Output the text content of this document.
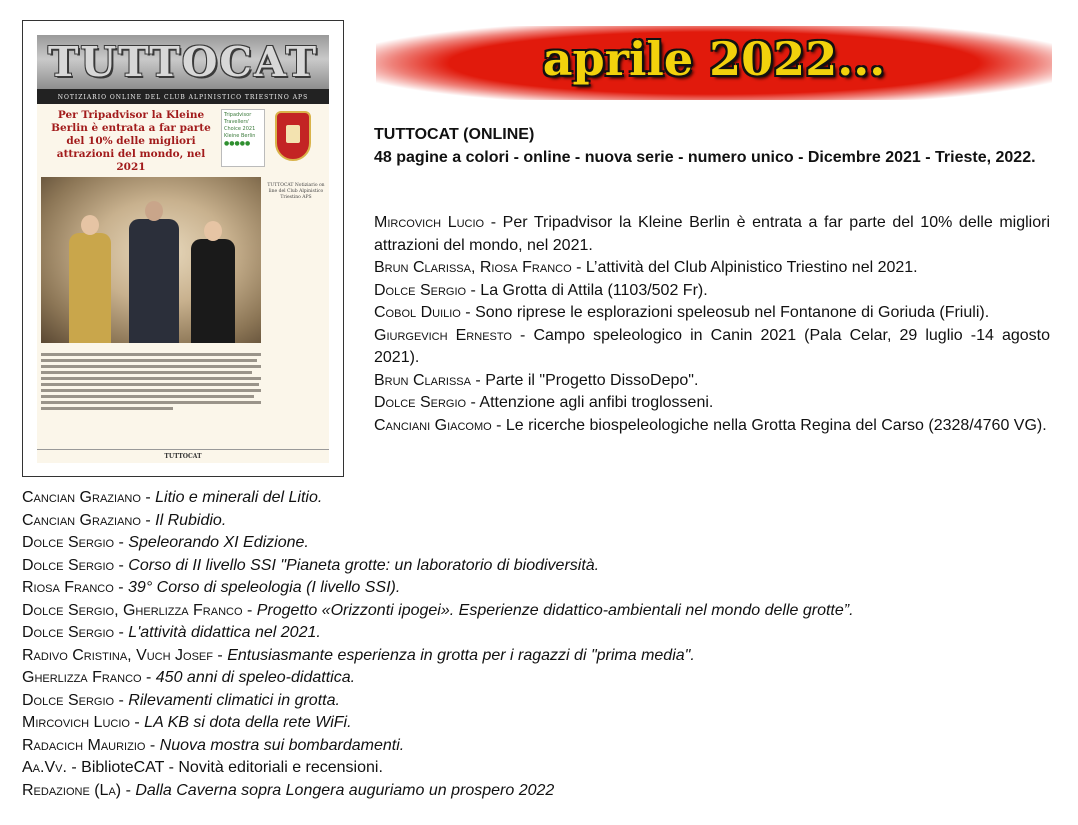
TUTTOCAT
NOTIZIARIO ONLINE DEL CLUB ALPINISTICO TRIESTINO APS
Per Tripadvisor la Kleine Berlin è entrata a far parte del 10% delle migliori attrazioni del mondo, nel 2021
Tripadvisor Travellers' Choice 2021 Kleine Berlin
●●●●●
TUTTOCAT Notiziario on line del Club Alpinistico Triestino APS
TUTTOCAT
aprile 2022...
TUTTOCAT (ONLINE)
48 pagine a colori - online - nuova serie - numero unico - Dicembre 2021 - Trieste, 2022.
Mircovich Lucio - Per Tripadvisor la Kleine Berlin è entrata a far parte del 10% delle migliori attrazioni del mondo, nel 2021.
Brun Clarissa, Riosa Franco - L’attività del Club Alpinistico Triestino nel 2021.
Dolce Sergio - La Grotta di Attila (1103/502 Fr).
Cobol Duilio - Sono riprese le esplorazioni speleosub nel Fontanone di Goriuda (Friuli).
Giurgevich Ernesto - Campo speleologico in Canin 2021 (Pala Celar, 29 luglio -14 agosto 2021).
Brun Clarissa - Parte il "Progetto DissoDepo".
Dolce Sergio - Attenzione agli anfibi troglosseni.
Canciani Giacomo - Le ricerche biospeleologiche nella Grotta Regina del Carso (2328/4760 VG).
Cancian Graziano - Litio e minerali del Litio.
Cancian Graziano - Il Rubidio.
Dolce Sergio - Speleorando XI Edizione.
Dolce Sergio - Corso di II livello SSI "Pianeta grotte: un laboratorio di biodiversità.
Riosa Franco - 39° Corso di speleologia (I livello SSI).
Dolce Sergio, Gherlizza Franco - Progetto «Orizzonti ipogei». Esperienze didattico-ambientali nel mondo delle grotte”.
Dolce Sergio - L'attività didattica nel 2021.
Radivo Cristina, Vuch Josef - Entusiasmante esperienza in grotta per i ragazzi di "prima media".
Gherlizza Franco - 450 anni di speleo-didattica.
Dolce Sergio - Rilevamenti climatici in grotta.
Mircovich Lucio - LA KB si dota della rete WiFi.
Radacich Maurizio - Nuova mostra sui bombardamenti.
Aa.Vv. - BiblioteCAT - Novità editoriali e recensioni.
Redazione (La) - Dalla Caverna sopra Longera auguriamo un prospero 2022
